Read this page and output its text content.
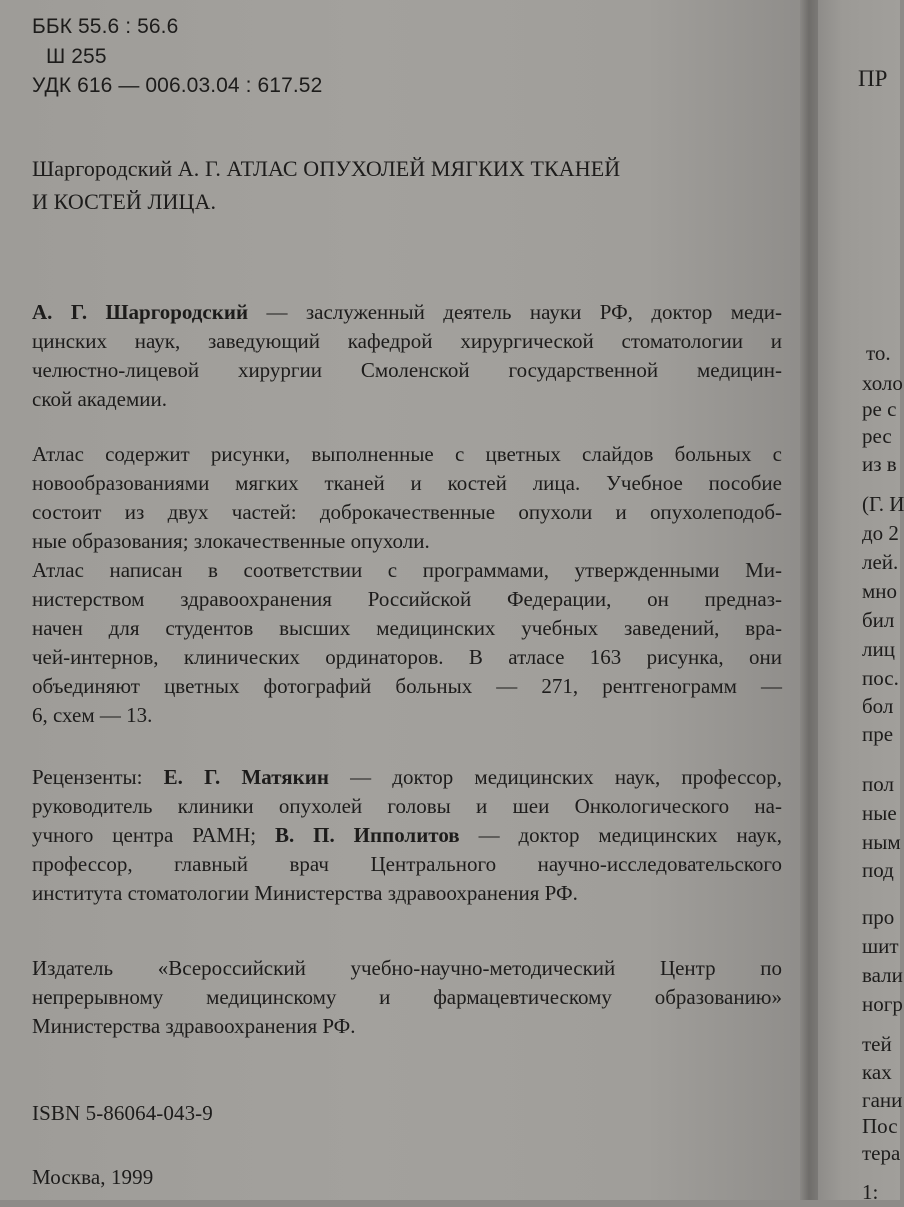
ББК 55.6 : 56.6
Ш 255
УДК 616 — 006.03.04 : 617.52
Шаргородский А. Г. АТЛАС ОПУХОЛЕЙ МЯГКИХ ТКАНЕЙ
И КОСТЕЙ ЛИЦА.
А. Г. Шаргородский — заслуженный деятель науки РФ, доктор меди-
цинских наук, заведующий кафедрой хирургической стоматологии и
челюстно-лицевой хирургии Смоленской государственной медицин-
ской академии.
Атлас содержит рисунки, выполненные с цветных слайдов больных с
новообразованиями мягких тканей и костей лица. Учебное пособие
состоит из двух частей: доброкачественные опухоли и опухолеподоб-
ные образования; злокачественные опухоли.
Атлас написан в соответствии с программами, утвержденными Ми-
нистерством здравоохранения Российской Федерации, он предназ-
начен для студентов высших медицинских учебных заведений, вра-
чей-интернов, клинических ординаторов. В атласе 163 рисунка, они
объединяют цветных фотографий больных — 271, рентгенограмм —
6, схем — 13.
Рецензенты: Е. Г. Матякин — доктор медицинских наук, профессор,
руководитель клиники опухолей головы и шеи Онкологического на-
учного центра РАМН; В. П. Ипполитов — доктор медицинских наук,
профессор, главный врач Центрального научно-исследовательского
института стоматологии Министерства здравоохранения РФ.
Издатель «Всероссийский учебно-научно-методический Центр по
непрерывному медицинскому и фармацевтическому образованию»
Министерства здравоохранения РФ.
ISBN 5-86064-043-9
Москва, 1999
ПР
то.
холо
ре с
рес
из в
(Г. И
до 2
лей.
мно
бил
лиц
пос.
бол
пре
пол
ные
ным
под
про
шит
вали
ногр
тей
ках
гани
Пос
тера
1:
